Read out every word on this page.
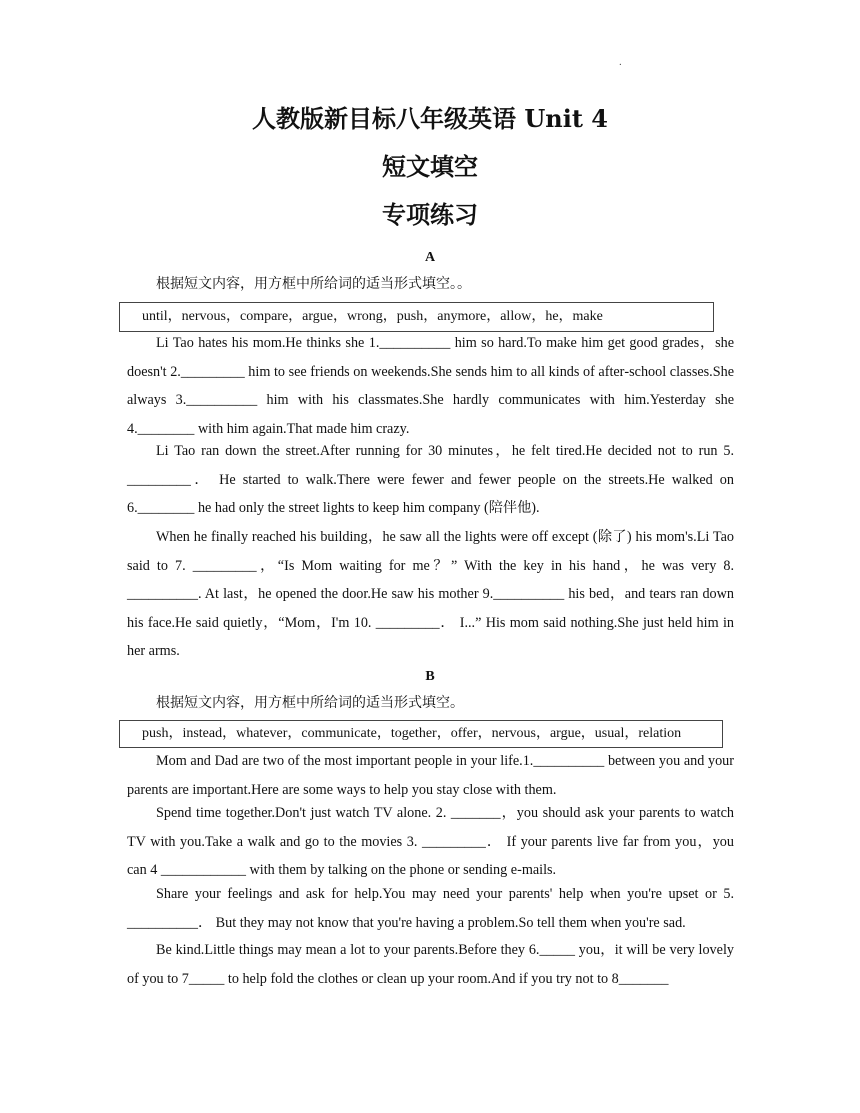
.
人教版新目标八年级英语 Unit 4
短文填空
专项练习
A
根据短文内容，用方框中所给词的适当形式填空。。
until，nervous，compare，argue，wrong，push，anymore，allow，he，make

Li Tao hates his mom.He thinks she 1.__________ him so hard.To make him get good grades，she doesn't 2._________ him to see friends on weekends.She sends him to all kinds of after‐school classes.She always 3.__________ him with his classmates.She hardly communicates with him.Yesterday she 4.________ with him again.That made him crazy.

Li Tao ran down the street.After running for 30 minutes，he felt tired.He decided not to run 5. _________． He started to walk.There were fewer and fewer people on the streets.He walked on 6.________ he had only the street lights to keep him company (陪伴他).

When he finally reached his building，he saw all the lights were off except (除了) his mom's.Li Tao said to 7. _________，“Is Mom waiting for me？” With the key in his hand，he was very 8. __________. At last，he opened the door.He saw his mother 9.__________ his bed，and tears ran down his face.He said quietly，“Mom，I'm 10. _________． I...” His mom said nothing.She just held him in her arms.

B
根据短文内容，用方框中所给词的适当形式填空。
push，instead，whatever，communicate，together，offer，nervous，argue，usual，relation

Mom and Dad are two of the most important people in your life.1.__________ between you and your parents are important.Here are some ways to help you stay close with them.

Spend time together.Don't just watch TV alone. 2. _______，you should ask your parents to watch TV with you.Take a walk and go to the movies 3. _________． If your parents live far from you，you can 4 ____________ with them by talking on the phone or sending e-mails.

Share your feelings and ask for help.You may need your parents' help when you're upset or 5. __________． But they may not know that you're having a problem.So tell them when you're sad.

Be kind.Little things may mean a lot to your parents.Before they 6._____ you，it will be very lovely of you to 7_____ to help fold the clothes or clean up your room.And if you try not to 8_______
